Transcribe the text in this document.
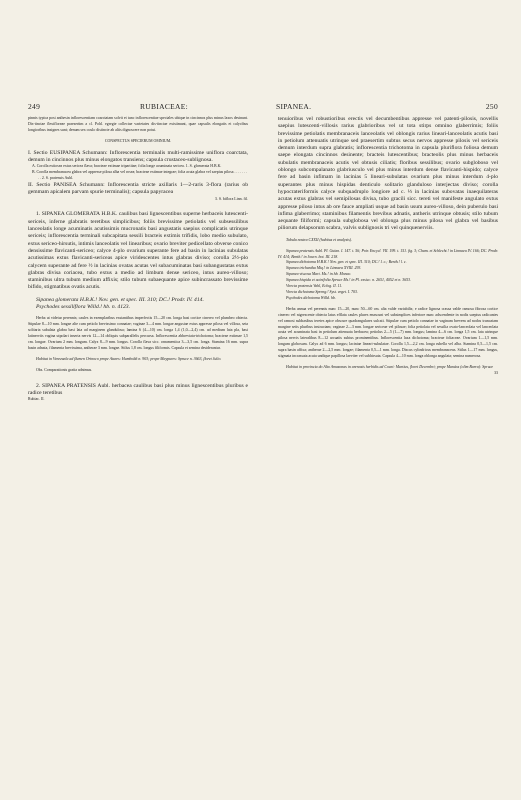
249	RUBIACEAE:	SIPANEA.	250

pinnis typica post anthesin inflorescentiam coarctatam solvit et tunc inflorescentiae speciales ubique in cincinnos plus minus laxos desinunt. Dis-tinctae flexifloreae praesertim a cl. Pohl. egregie collectae varietates dis-tinctae existimant, quae capsulis elongatis et calycibus longioribus insignes sunt; denum sex oculo distincte ab aliis dignoscere non potui.

CONSPECTUS SPECIERUM OMNIUM.

I. Sectio EUSIPANEA Schumann: Inflorescentia terminalis multi-ramissime uniflora coarctata, demum in cincinnos plus minus elongatos transiens; capsula crustaceo-sublignosa.

A. Corolla extiosea extus sericea flava; bracteae extimae tripartitae; folia longe acuminata sericea. 1. S. glomerata H.B.K.

B. Corolla membranacea glabra vel appresse pilosa alba vel rosea; bracteae extimae integrae; folia acuta glabra vel saepius pilosa . . . . . . . . . 2. S. pratensis Aubl.

II. Sectio PANISEA Schumann: Inflorescentia stricte axillaris 1—2-raris 3-flora (rarius ob gemmam apicalem parvam spurie terminalis); capsula papyracea

3. S. biflora Linn. fil.

1. SIPANEA GLOMERATA H.B.K. caulibus basi lignescentibus superne herbaceis lutescenti-sericeis, inferne glabratis teretibus simplicibus; foliis brevissime petiolatis vel subsessilibus lanceolatis longe acuminatis acutissimis mucronatis basi angustatis saepius complicatis utrinque sericeis; inflorescentia terminali subcapitata sessili bracteis extimis trifidis, lobo medio subulato, extus sericeo-hirsutis, intimis lanceolatis vel linearibus; ovario breviter pedicellato obverse conico densissime flavicanti-sericeo; calyce 4-plo ovarium superante fere ad basin in lacinias subulatas acutissimas extus flavicanti-sericeas apice viridescentes intus glabras diviso; corolla 2½-plo calycem superante ad fere ½ in lacinias ovatas acutas vel subacuminatas basi subangustatas extus glabras divisa coriacea, tubo extus a medio ad limbum dense sericeo, intus aureo-villoso; staminibus ultra tubum medium affixis; stilo tubum subaequante apice subincrassato brevissime bifido, stigmatibus ovatis acutis.

Sipanea glomerata H.B.K.! Nov. gen. et spec. III. 310; DC.! Prodr. IV. 414.

Psychodes sessiliflora Willd.! hb. n. 4123.

Herba ut videtur perennis; caules in exemplaribus exstantibus imperfectis 15—20 cm. longa basi cortice cinereo vel plumbeo obtecta. Stipulae 8—10 mm. longae alte cum petiolo brevissimo connatae; vaginae 3—4 mm. longae angustae extus appresse pilosa vel villosa, seta solitaria subulata glabra basi lata ad marginem glandulosa; lamina 6 (4—10) cm. longa 1,4 (1,0—2,4) cm. ad medium lata pla, basi latinerviis vagina utpolari inserta nervis 12—14 obliquis subparallelis percursa. Inflorescentia abbreviata-trichotoma; bracteae extimae 1,5 cm. longae. Ovarium 2 mm. longum. Calyx 8—9 mm. longus. Corolla flava sicc. ornamentica 3—3,5 cm. longa. Stamina 16 mm. supra basin adnata, filamenta brevissima, antherae 3 mm. longae. Stilus 1,8 cm. longus filiformis. Capsula et semina desiderantur.

Habitat in Venezuela ad flumen Orinoco prope Atures: Humboldt n. 903; prope Maypures: Spruce n. 3663, floret Julio.

Obs. Comparationis gratia adnimus.

2. SIPANEA PRATENSIS Aubl. herbacea caulibus basi plus minus lignescentibus pluribus e radice teretibus

Rubiac. II.

tenuioribus vel robustioribus erectis vel decumbentibus appresse vel patenti-pilosis, novellis saepius lutescenti-villosis rarius glabrioribus vel ut tota stirps omnino glaberrimis; foliis brevissime petiolatis membranaceis lanceolatis vel oblongis rarius lineari-lanceolatis acutis basi in petiolum attenuatis utrinque sed praesertim subtus secus nervos appresse pilosis vel sericeis demum interdum supra glabratis; inflorescentia trichotoma in capsula pluriflora foliosa demum saepe elongata cincinnos desinente; bracteis lutescentibus; bracteolis plus minus herbaceis subulatis membranaceis acutis vel obtusis ciliatis; floribus sessilibus; ovario subgloboso vel oblongo subcompalanato glabriusculo vel plus minus interdum dense flavicanti-hispido; calyce fere ad basin infimam in lacinias 5 lineari-subulatas ovarium plus minus interdum 4-plo superantes plus minus hispidas denticulo solitario glanduloso interjectas diviso; corolla hypocrateriformis calyce subquadruplo longiore ad c. ⅓ in lacinias subovatas inaequilateras acutas extus glabras vel semipilosas divisa, tubo gracili sicc. tereti vel manifeste angulato extus appresse piloso intus ab ore fauce ampliati usque ad basin usum aureo-villoso, dein puberulo basi infima glaberrimo; staminibus filamentis brevibus adnatis, antheris utrinque obtusis; stilo tubum aequante filiformi; capsula subglobosa vel oblonga plus minus pilosa vel glabra vel basibus piliorum delapsorum scabra, valvis sublignosis tri vel quinquenerviis.

Tabula nostra CXXII (habitus et analysis).

Sipanea pratensis Aubl. Pl. Guian. I. 147. t. 56; Poir. Encycl. VII. 199. t. 151. fig. 3; Cham. et Schlecht.! in Linnaea IV. 166; DC. Prodr. IV. 414; Benth.! in Journ. bot. III. 218.

Sipanea dichotoma H.B.K.! Nov. gen. et spec. III. 310; DC.! l. c.; Benth.! l. c.

Sipanea trichantha Miq.! in Linnaea XVIII. 293.

Sipanea viscosa Mart. Ms.! in hb. Monac.

Sipanea hispida et acinifolia Spruce Ms.! in Pl. exsicc. n. 2651, 4052 et n. 3653.

Virecta pratensis Vahl, Eclog. II. 11.

Virecta dichotoma Spreng.! Syst. veget. I. 703.

Psychodes dichotoma Willd. hb.

Herba annua vel perennis nunc 15—20, nunc 50—60 cm. alta valde variabilis; e radice lignosa crassa valde ramosa fibrosa cortice cinereo vel nigrescente obtecta latus efflata caules plures enascunt vel subsimplices inferiore nunc adscendente in nodis saepius radicantes vel ramosi subbasibus teretes apice obscure quadrangulares sulcati. Stipulae cum petiolo connatae in vaginam brevem ad nodos truncatam margine setis pluribus instructam; vaginae 2—3 mm. longae sericeae vel pilosae; folia petiolata vel sessilia ovato-lanceolata vel lanceolata acuta vel acuminata basi in petiolum attenuata herbacea; petiolus 2—5 (1—7) mm. longus; lamina 4—6 cm. longa 1,5 cm. lata utrinque pilosa nervis lateralibus 8—12 arcuatis subtus prominentibus. Inflorescentia laxa dichotoma; bracteae foliaceae. Ovarium 1—1,5 mm. longum globosum. Calyx ad 6 mm. longus; laciniae lineari-subulatae. Corolla 1,5—2,2 cm. longa rubella vel alba. Stamina 0,5—1,5 cm. supra basin affixa; antherae 2—2,5 mm. longae; filamenta 0,5—1 mm. longa. Discus cylindricus membranaceus. Stilus 1—17 mm. longus, stigmata incrassata acuta undique papillosa laeviter vel subhirsuta. Capsula 4—10 mm. longa oblonga angulata; semina numerosa.

Habitat in provincia do Alto Amazonas in arenosis herbidis ad Coari: Martius, floret Decembri; prope Manáos (olim Barra): Spruce

33
